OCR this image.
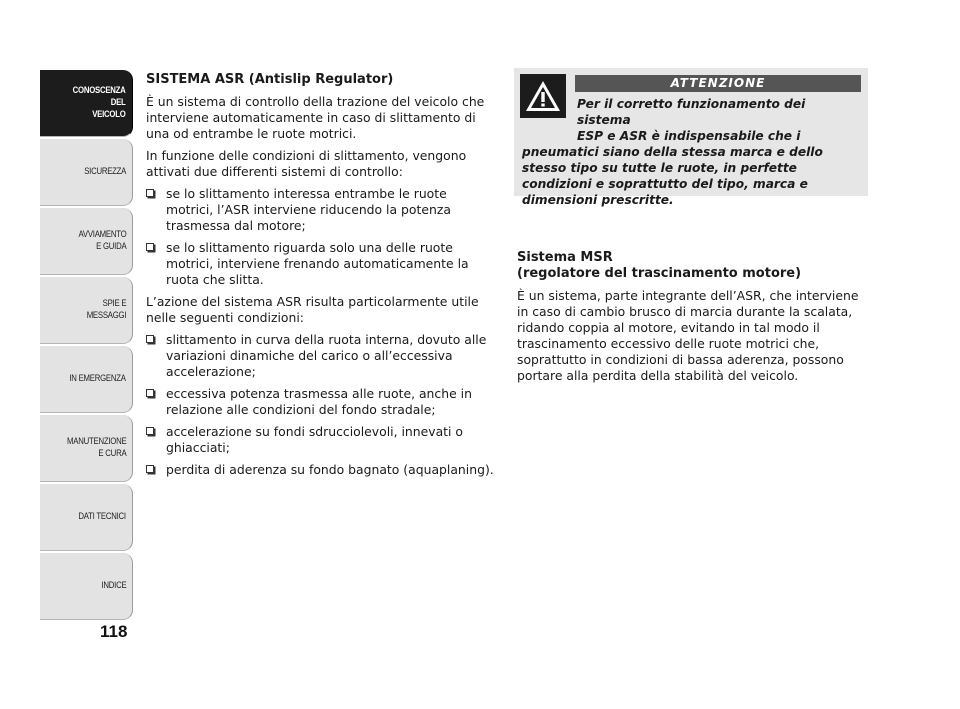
CONOSCENZA
DEL
VEICOLO
SICUREZZA
AVVIAMENTO
E GUIDA
SPIE E
MESSAGGI
IN EMERGENZA
MANUTENZIONE
E CURA
DATI TECNICI
INDICE
118
SISTEMA ASR (Antislip Regulator)

È un sistema di controllo della trazione del veicolo che interviene automaticamente in caso di slittamento di una od entrambe le ruote motrici.

In funzione delle condizioni di slittamento, vengono attivati due differenti sistemi di controllo:

se lo slittamento interessa entrambe le ruote motrici, l’ASR interviene riducendo la potenza trasmessa dal motore;
se lo slittamento riguarda solo una delle ruote motrici, interviene frenando automaticamente la ruota che slitta.

L’azione del sistema ASR risulta particolarmente utile nelle seguenti condizioni:

slittamento in curva della ruota interna, dovuto alle variazioni dinamiche del carico o all’eccessiva accelerazione;
eccessiva potenza trasmessa alle ruote, anche in relazione alle condizioni del fondo stradale;
accelerazione su fondi sdrucciolevoli, innevati o ghiacciati;
perdita di aderenza su fondo bagnato (aquaplaning).
ATTENZIONE
Per il corretto funzionamento dei sistema
ESP e ASR è indispensabile che i
pneumatici siano della stessa marca e dello stesso tipo su tutte le ruote, in perfette condizioni e soprattutto del tipo, marca e dimensioni prescritte.
Sistema MSR
(regolatore del trascinamento motore)

È un sistema, parte integrante dell’ASR, che interviene in caso di cambio brusco di marcia durante la scalata, ridando coppia al motore, evitando in tal modo il trascinamento eccessivo delle ruote motrici che, soprattutto in condizioni di bassa aderenza, possono portare alla perdita della stabilità del veicolo.
